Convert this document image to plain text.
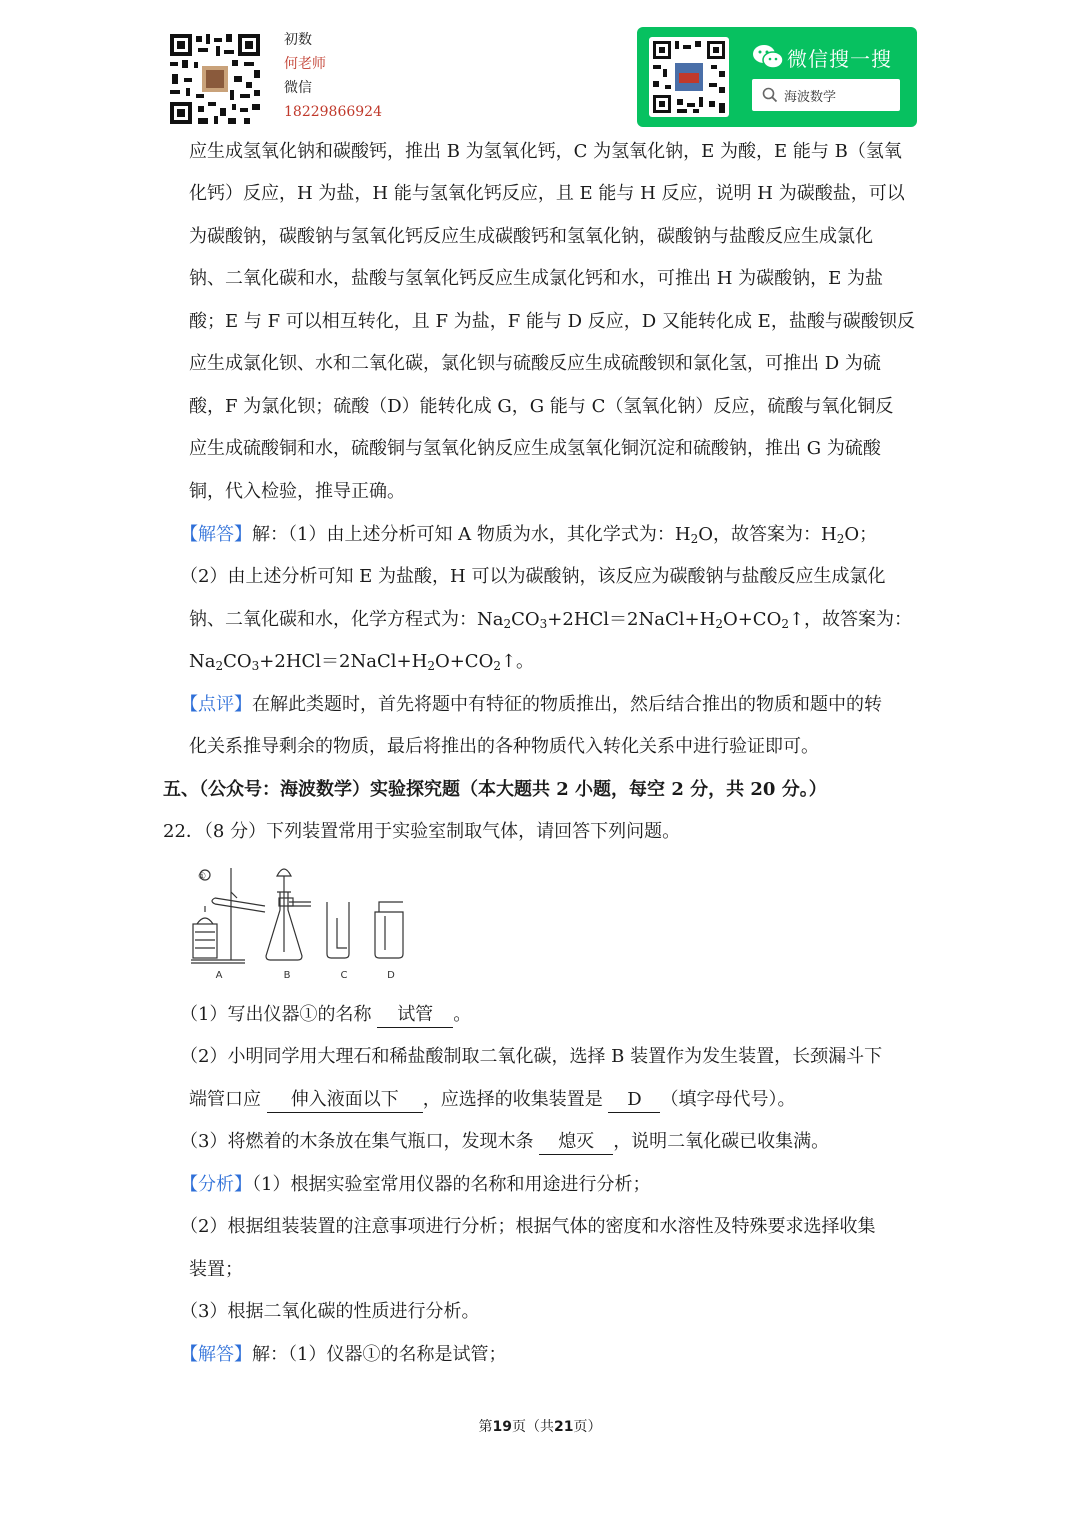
初数
何老师
微信
18229866924
微信搜一搜
海波数学
应生成氢氧化钠和碳酸钙，推出 B 为氢氧化钙，C 为氢氧化钠，E 为酸，E 能与 B（氢氧
化钙）反应，H 为盐，H 能与氢氧化钙反应，且 E 能与 H 反应，说明 H 为碳酸盐，可以
为碳酸钠，碳酸钠与氢氧化钙反应生成碳酸钙和氢氧化钠，碳酸钠与盐酸反应生成氯化
钠、二氧化碳和水，盐酸与氢氧化钙反应生成氯化钙和水，可推出 H 为碳酸钠，E 为盐
酸；E 与 F 可以相互转化，且 F 为盐，F 能与 D 反应，D 又能转化成 E，盐酸与碳酸钡反
应生成氯化钡、水和二氧化碳，氯化钡与硫酸反应生成硫酸钡和氯化氢，可推出 D 为硫
酸，F 为氯化钡；硫酸（D）能转化成 G，G 能与 C（氢氧化钠）反应，硫酸与氧化铜反
应生成硫酸铜和水，硫酸铜与氢氧化钠反应生成氢氧化铜沉淀和硫酸钠，推出 G 为硫酸
铜，代入检验，推导正确。
【解答】解：（1）由上述分析可知 A 物质为水，其化学式为：$H_2O$，故答案为：$H_2O$；
（2）由上述分析可知 E 为盐酸，H 可以为碳酸钠，该反应为碳酸钠与盐酸反应生成氯化
钠、二氧化碳和水，化学方程式为：$Na_2CO_3+2HCl=2NaCl+H_2O+CO_2↑$，故答案为：
$Na_2CO_3+2HCl=2NaCl+H_2O+CO_2↑$。
【点评】在解此类题时，首先将题中有特征的物质推出，然后结合推出的物质和题中的转
化关系推导剩余的物质，最后将推出的各种物质代入转化关系中进行验证即可。
五、（公众号：海波数学）实验探究题（本大题共 2 小题，每空 2 分，共 20 分。）
22．（8 分）下列装置常用于实验室制取气体，请回答下列问题。
①
A	B	C	D
（1）写出仪器①的名称 试管 。
（2）小明同学用大理石和稀盐酸制取二氧化碳，选择 B 装置作为发生装置，长颈漏斗下
端管口应 伸入液面以下 ，应选择的收集装置是 D （填字母代号）。
（3）将燃着的木条放在集气瓶口，发现木条 熄灭 ，说明二氧化碳已收集满。
【分析】（1）根据实验室常用仪器的名称和用途进行分析；
（2）根据组装装置的注意事项进行分析；根据气体的密度和水溶性及特殊要求选择收集
装置；
（3）根据二氧化碳的性质进行分析。
【解答】解：（1）仪器①的名称是试管；
第19页（共21页）
